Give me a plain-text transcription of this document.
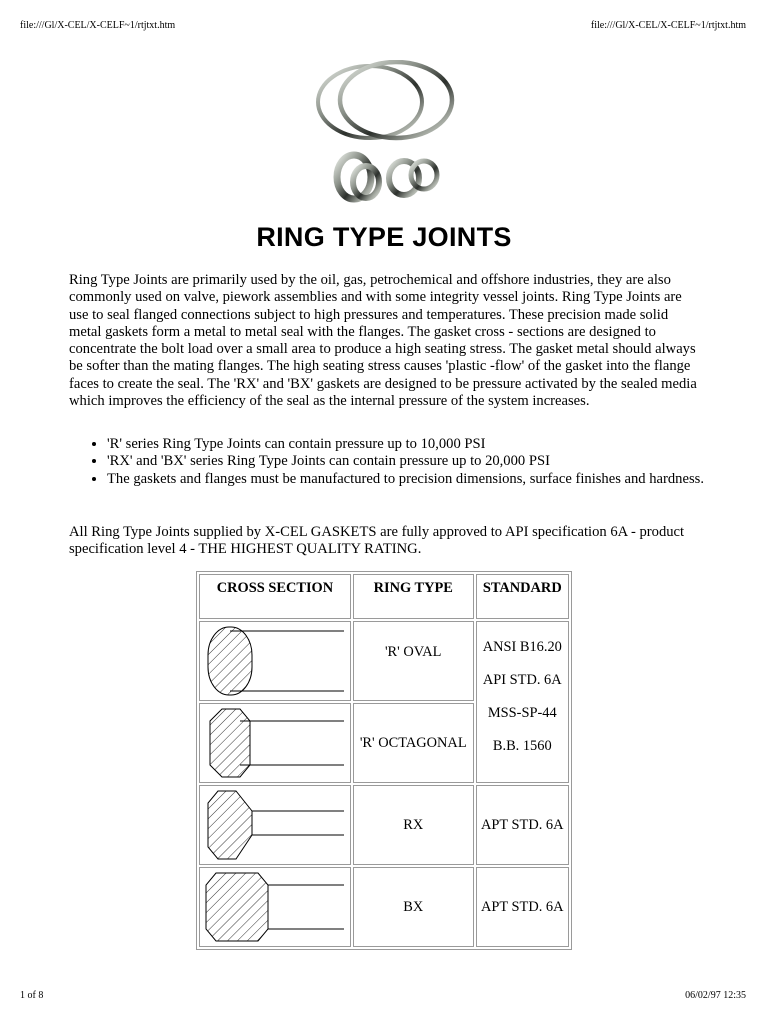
file:///Gl/X-CEL/X-CELF~1/rtjtxt.htm	file:///Gl/X-CEL/X-CELF~1/rtjtxt.htm
RING TYPE JOINTS
Ring Type Joints are primarily used by the oil, gas, petrochemical and offshore industries, they are also commonly used on valve, piework assemblies and with some integrity vessel joints. Ring Type Joints are use to seal flanged connections subject to high pressures and temperatures. These precision made solid metal gaskets form a metal to metal seal with the flanges. The gasket cross - sections are designed to concentrate the bolt load over a small area to produce a high seating stress. The gasket metal should always be softer than the mating flanges. The high seating stress causes 'plastic -flow' of the gasket into the flange faces to create the seal. The 'RX' and 'BX' gaskets are designed to be pressure activated by the sealed media which improves the efficiency of the seal as the internal pressure of the system increases.
• 'R' series Ring Type Joints can contain pressure up to 10,000 PSI
• 'RX' and 'BX' series Ring Type Joints can contain pressure up to 20,000 PSI
• The gaskets and flanges must be manufactured to precision dimensions, surface finishes and hardness.
All Ring Type Joints supplied by X-CEL GASKETS are fully approved to API specification 6A - product specification level 4 - THE HIGHEST QUALITY RATING.
CROSS SECTION	RING TYPE	STANDARD

	'R' OVAL	ANSI B16.20
API STD. 6A
MSS-SP-44
B.B. 1560

	'R' OCTAGONAL	

	RX	APT STD. 6A

	BX	APT STD. 6A
1 of 8	06/02/97 12:35
